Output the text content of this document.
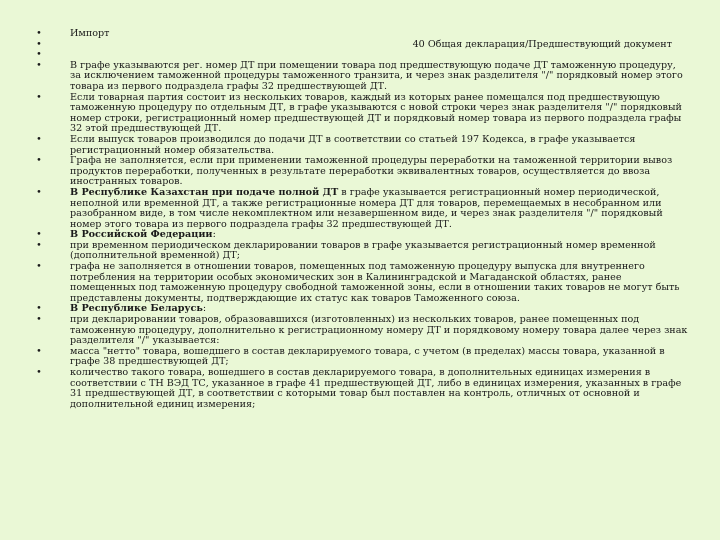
•	Импорт
•	40 Общая декларация/Предшествующий документ
•
•	В графе указываются рег. номер ДТ при помещении товара под предшествующую подаче ДТ таможенную процедуру, за исключением таможенной процедуры таможенного транзита, и через знак разделителя "/" порядковый номер этого товара из первого подраздела графы 32 предшествующей ДТ.
•	Если товарная партия состоит из нескольких товаров, каждый из которых ранее помещался под предшествующую таможенную процедуру по отдельным ДТ, в графе указываются с новой строки через знак разделителя "/" порядковый номер строки, регистрационный номер предшествующей ДТ и порядковый номер товара из первого подраздела графы 32 этой предшествующей ДТ.
•	Если выпуск товаров производился до подачи ДТ в соответствии со статьей 197 Кодекса, в графе указывается регистрационный номер обязательства.
•	Графа не заполняется, если при применении таможенной процедуры переработки на таможенной территории вывоз продуктов переработки, полученных в результате переработки эквивалентных товаров, осуществляется до ввоза иностранных товаров.
•	В Республике Казахстан при подаче полной ДТ в графе указывается регистрационный номер периодической, неполной или временной ДТ, а также регистрационные номера ДТ для товаров, перемещаемых в несобранном или разобранном виде, в том числе некомплектном или незавершенном виде, и через знак разделителя "/" порядковый номер этого товара из первого подраздела графы 32 предшествующей ДТ.
•	В Российской Федерации:
•	при временном периодическом декларировании товаров в графе указывается регистрационный номер временной (дополнительной временной) ДТ;
•	графа не заполняется в отношении товаров, помещенных под таможенную процедуру выпуска для внутреннего потребления на территории особых экономических зон в Калининградской и Магаданской областях, ранее помещенных под таможенную процедуру свободной таможенной зоны, если в отношении таких товаров не могут быть представлены документы, подтверждающие их статус как товаров Таможенного союза.
•	В Республике Беларусь:
•	при декларировании товаров, образовавшихся (изготовленных) из нескольких товаров, ранее помещенных под таможенную процедуру, дополнительно к регистрационному номеру ДТ и порядковому номеру товара далее через знак разделителя "/" указывается:
•	масса "нетто" товара, вошедшего в состав декларируемого товара, с учетом (в пределах) массы товара, указанной в графе 38 предшествующей ДТ;
•	количество такого товара, вошедшего в состав декларируемого товара, в дополнительных единицах измерения в соответствии с ТН ВЭД ТС, указанное в графе 41 предшествующей ДТ, либо в единицах измерения, указанных в графе 31 предшествующей ДТ, в соответствии с которыми товар был поставлен на контроль, отличных от основной и дополнительной единиц измерения;
